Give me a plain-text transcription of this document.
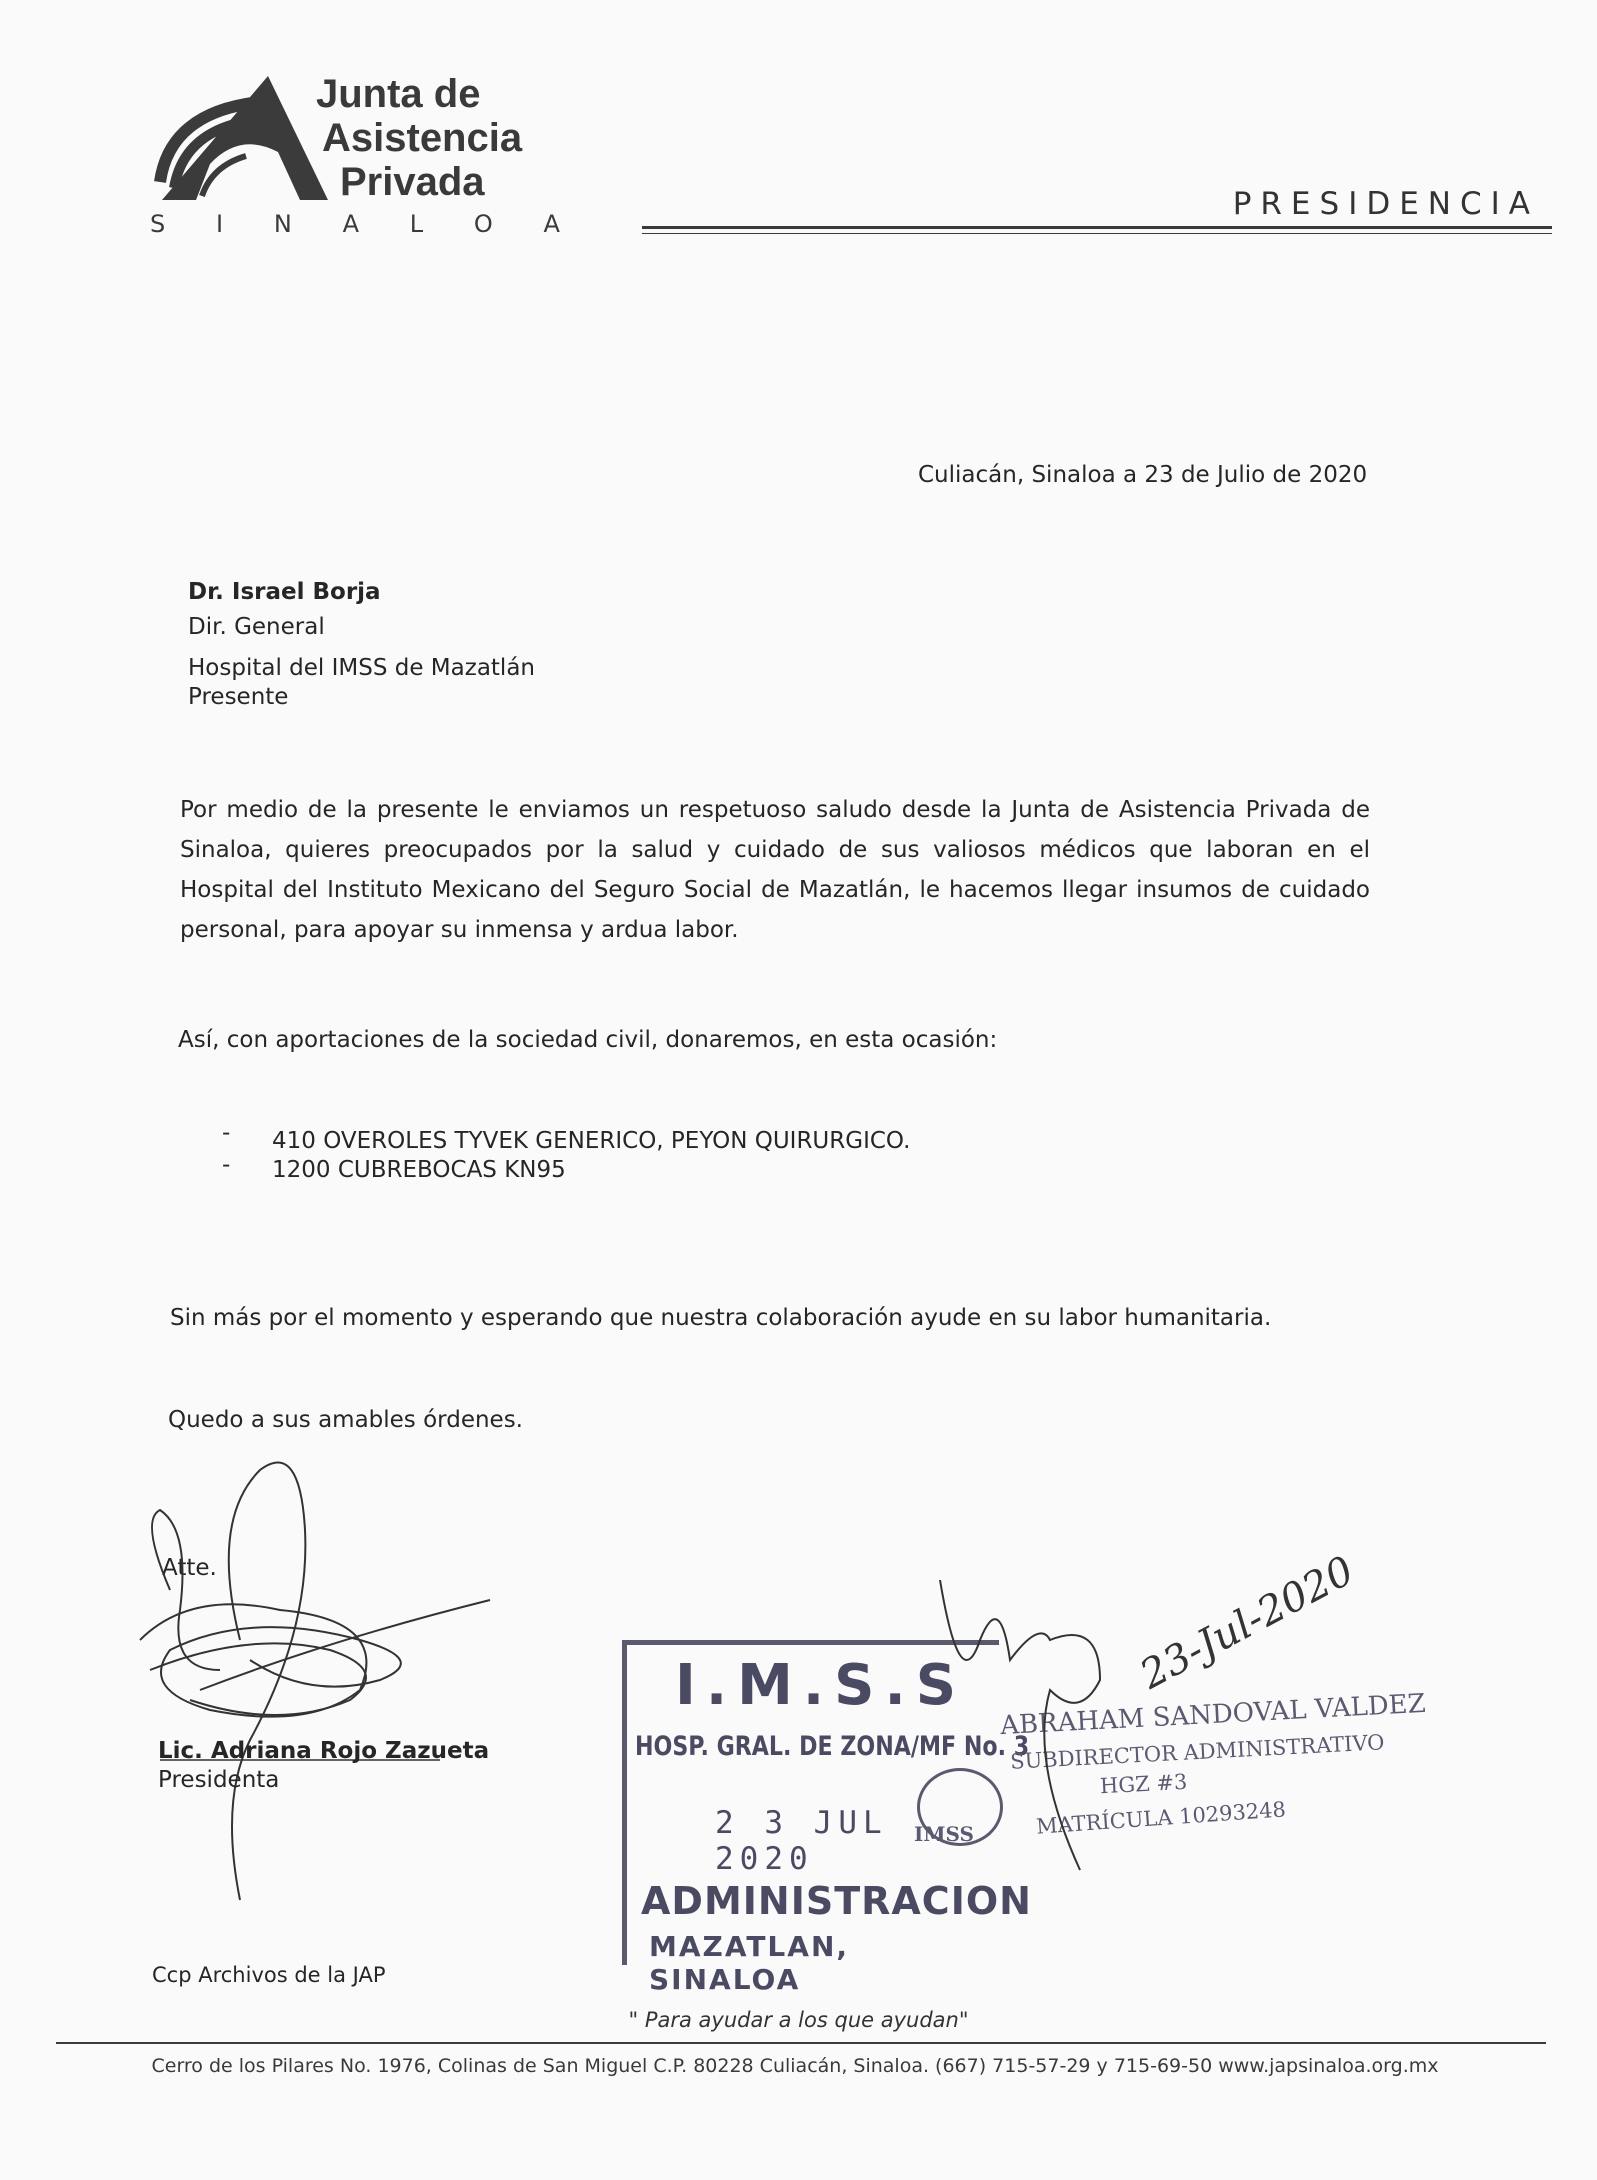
Junta de
Asistencia
Privada
S I N A L O A
PRESIDENCIA
Culiacán, Sinaloa a 23 de Julio de 2020
Dr. Israel Borja
Dir. General
Hospital del IMSS de Mazatlán
Presente
Por medio de la presente le enviamos un respetuoso saludo desde la Junta de Asistencia Privada de Sinaloa, quieres preocupados por la salud y cuidado de sus valiosos médicos que laboran en el Hospital del Instituto Mexicano del Seguro Social de Mazatlán, le hacemos llegar insumos de cuidado personal, para apoyar su inmensa y ardua labor.
Así, con aportaciones de la sociedad civil, donaremos, en esta ocasión:
- 410 OVEROLES TYVEK GENERICO, PEYON QUIRURGICO.
- 1200 CUBREBOCAS KN95
Sin más por el momento y esperando que nuestra colaboración ayude en su labor humanitaria.
Quedo a sus amables órdenes.
Atte.
Lic. Adriana Rojo Zazueta
Presidenta
Ccp Archivos de la JAP
I.M.S.S
HOSP. GRAL. DE ZONA/MF No. 3
2 3 JUL 2020
ADMINISTRACION
MAZATLAN, SINALOA
IMSS
ABRAHAM SANDOVAL VALDEZ
SUBDIRECTOR ADMINISTRATIVO
HGZ #3
MATRÍCULA 10293248
23-Jul-2020
" Para ayudar a los que ayudan"
Cerro de los Pilares No. 1976, Colinas de San Miguel C.P. 80228 Culiacán, Sinaloa. (667) 715-57-29 y 715-69-50 www.japsinaloa.org.mx
